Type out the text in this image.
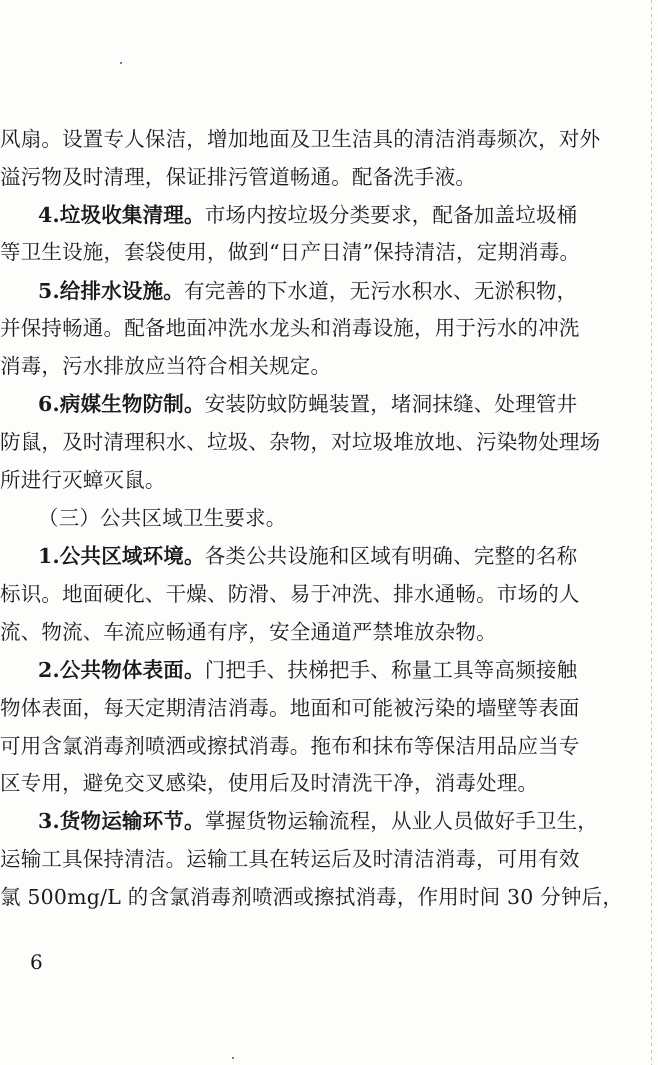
风扇。设置专人保洁，增加地面及卫生洁具的清洁消毒频次，对外
溢污物及时清理，保证排污管道畅通。配备洗手液。
4.垃圾收集清理。市场内按垃圾分类要求，配备加盖垃圾桶
等卫生设施，套袋使用，做到“日产日清”保持清洁，定期消毒。
5.给排水设施。有完善的下水道，无污水积水、无淤积物，
并保持畅通。配备地面冲洗水龙头和消毒设施，用于污水的冲洗
消毒，污水排放应当符合相关规定。
6.病媒生物防制。安装防蚊防蝇装置，堵洞抹缝、处理管井
防鼠，及时清理积水、垃圾、杂物，对垃圾堆放地、污染物处理场
所进行灭蟑灭鼠。
（三）公共区域卫生要求。
1.公共区域环境。各类公共设施和区域有明确、完整的名称
标识。地面硬化、干燥、防滑、易于冲洗、排水通畅。市场的人
流、物流、车流应畅通有序，安全通道严禁堆放杂物。
2.公共物体表面。门把手、扶梯把手、称量工具等高频接触
物体表面，每天定期清洁消毒。地面和可能被污染的墙壁等表面
可用含氯消毒剂喷洒或擦拭消毒。拖布和抹布等保洁用品应当专
区专用，避免交叉感染，使用后及时清洗干净，消毒处理。
3.货物运输环节。掌握货物运输流程，从业人员做好手卫生，
运输工具保持清洁。运输工具在转运后及时清洁消毒，可用有效
氯 500mg/L 的含氯消毒剂喷洒或擦拭消毒，作用时间 30 分钟后，
6
